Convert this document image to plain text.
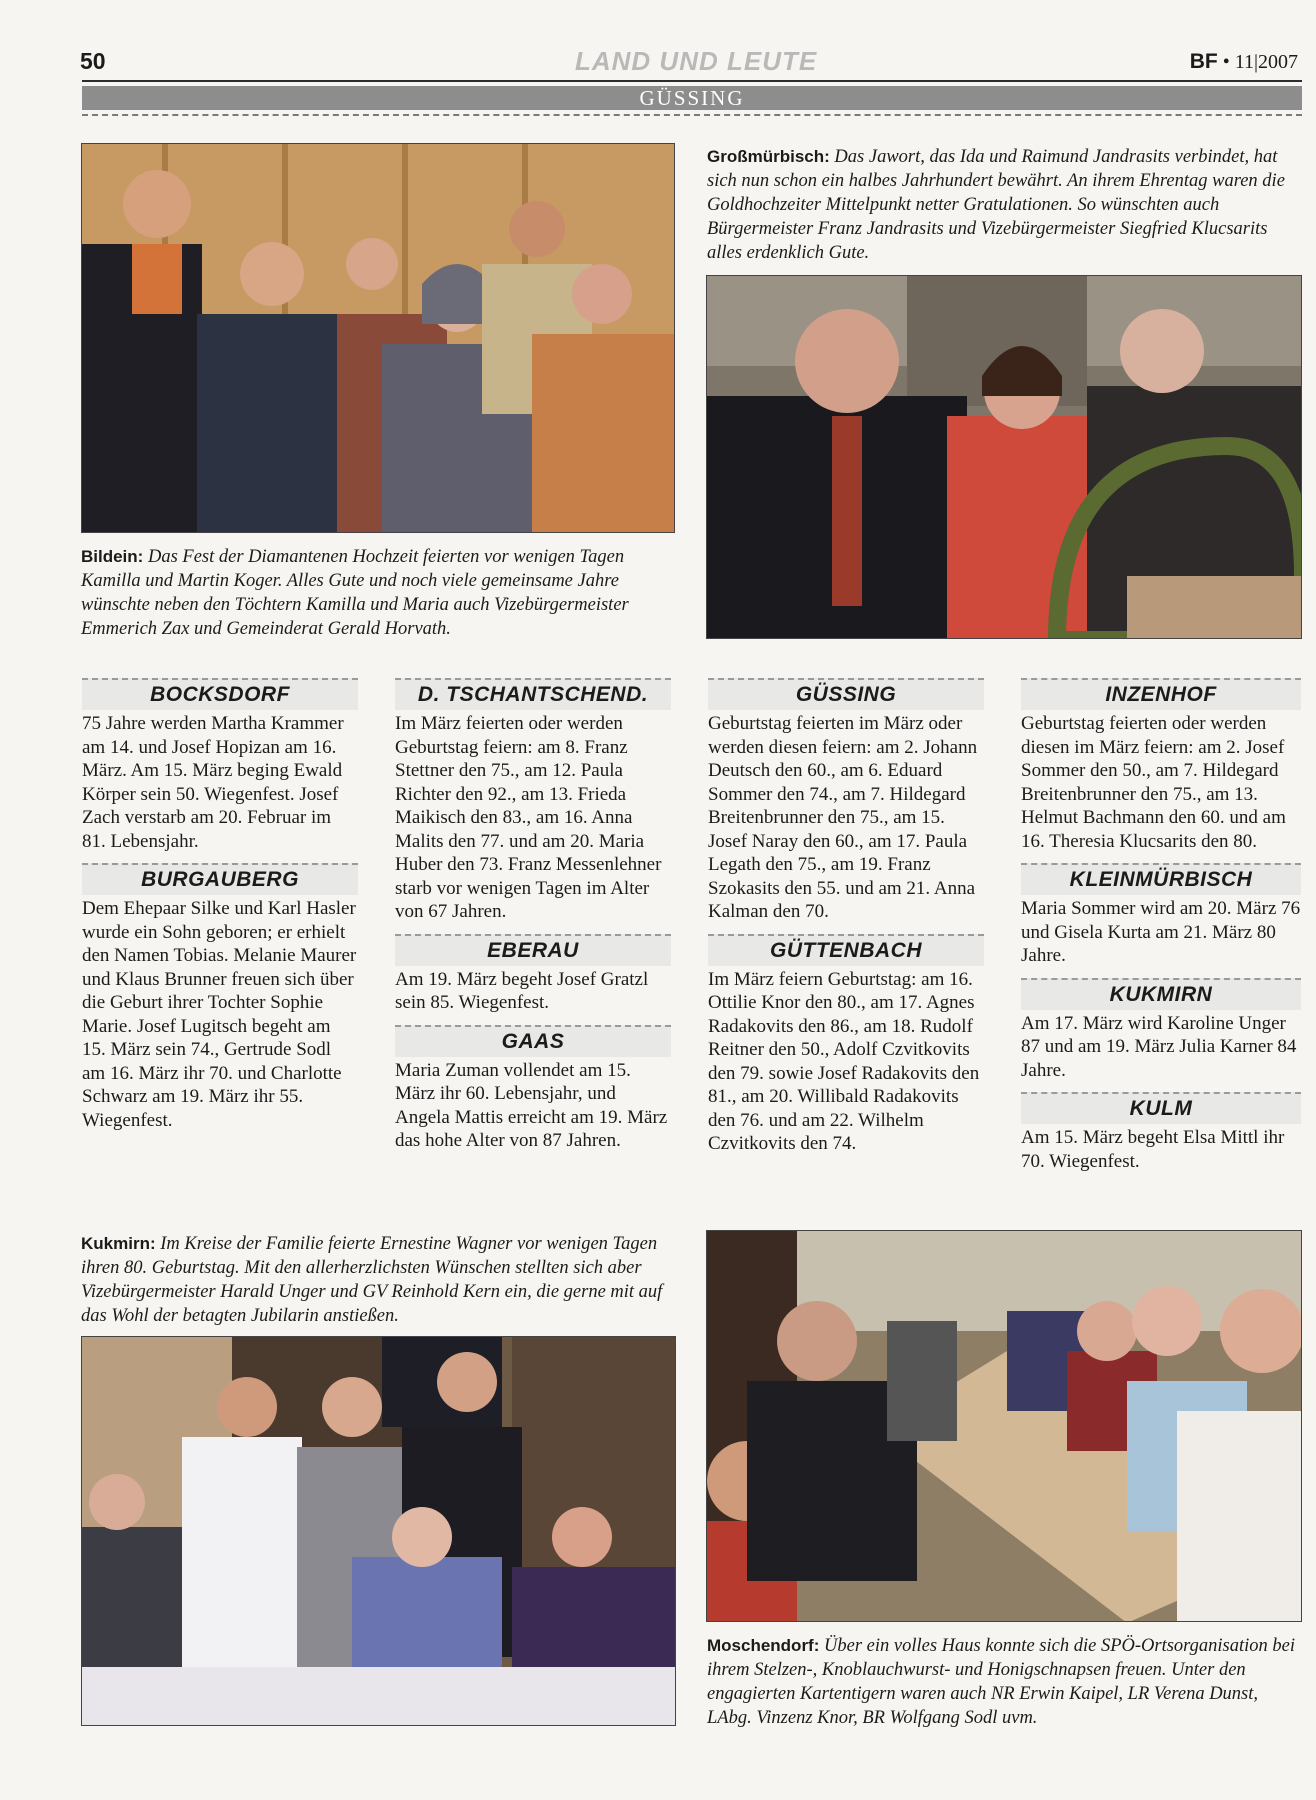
50	LAND UND LEUTE	BF • 11|2007
GÜSSING
Bildein: Das Fest der Diamantenen Hochzeit feierten vor wenigen Tagen Kamilla und Martin Koger. Alles Gute und noch viele gemeinsame Jahre wünschte neben den Töchtern Kamilla und Maria auch Vizebürgermeister Emmerich Zax und Gemeinderat Gerald Horvath.
Großmürbisch: Das Jawort, das Ida und Raimund Jandrasits verbindet, hat sich nun schon ein halbes Jahrhundert bewährt. An ihrem Ehrentag waren die Goldhochzeiter Mittelpunkt netter Gratulationen. So wünschten auch Bürgermeister Franz Jandrasits und Vizebürgermeister Siegfried Klucsarits alles erdenklich Gute.
BOCKSDORF

75 Jahre werden Martha Krammer am 14. und Josef Hopizan am 16. März. Am 15. März beging Ewald Körper sein 50. Wiegenfest. Josef Zach verstarb am 20. Februar im 81. Lebensjahr.

BURGAUBERG

Dem Ehepaar Silke und Karl Hasler wurde ein Sohn geboren; er erhielt den Namen Tobias. Melanie Maurer und Klaus Brunner freuen sich über die Geburt ihrer Tochter Sophie Marie. Josef Lugitsch begeht am 15. März sein 74., Gertrude Sodl am 16. März ihr 70. und Charlotte Schwarz am 19. März ihr 55. Wiegenfest.

D. TSCHANTSCHEND.

Im März feierten oder werden Geburtstag feiern: am 8. Franz Stettner den 75., am 12. Paula Richter den 92., am 13. Frieda Maikisch den 83., am 16. Anna Malits den 77. und am 20. Maria Huber den 73. Franz Messenlehner starb vor wenigen Tagen im Alter von 67 Jahren.

EBERAU

Am 19. März begeht Josef Gratzl sein 85. Wiegenfest.

GAAS

Maria Zuman vollendet am 15. März ihr 60. Lebensjahr, und Angela Mattis erreicht am 19. März das hohe Alter von 87 Jahren.

GÜSSING

Geburtstag feierten im März oder werden diesen feiern: am 2. Johann Deutsch den 60., am 6. Eduard Sommer den 74., am 7. Hildegard Breitenbrunner den 75., am 15. Josef Naray den 60., am 17. Paula Legath den 75., am 19. Franz Szokasits den 55. und am 21. Anna Kalman den 70.

GÜTTENBACH

Im März feiern Geburtstag: am 16. Ottilie Knor den 80., am 17. Agnes Radakovits den 86., am 18. Rudolf Reitner den 50., Adolf Czvitkovits den 79. sowie Josef Radakovits den 81., am 20. Willibald Radakovits den 76. und am 22. Wilhelm Czvitkovits den 74.

INZENHOF

Geburtstag feierten oder werden diesen im März feiern: am 2. Josef Sommer den 50., am 7. Hildegard Breitenbrunner den 75., am 13. Helmut Bachmann den 60. und am 16. Theresia Klucsarits den 80.

KLEINMÜRBISCH

Maria Sommer wird am 20. März 76 und Gisela Kurta am 21. März 80 Jahre.

KUKMIRN

Am 17. März wird Karoline Unger 87 und am 19. März Julia Karner 84 Jahre.

KULM

Am 15. März begeht Elsa Mittl ihr 70. Wiegenfest.

Kukmirn: Im Kreise der Familie feierte Ernestine Wagner vor wenigen Tagen ihren 80. Geburtstag. Mit den allerherzlichsten Wünschen stellten sich aber Vizebürgermeister Harald Unger und GV Reinhold Kern ein, die gerne mit auf das Wohl der betagten Jubilarin anstießen.
Moschendorf: Über ein volles Haus konnte sich die SPÖ-Ortsorganisation bei ihrem Stelzen-, Knoblauchwurst- und Honigschnapsen freuen. Unter den engagierten Kartentigern waren auch NR Erwin Kaipel, LR Verena Dunst, LAbg. Vinzenz Knor, BR Wolfgang Sodl uvm.
